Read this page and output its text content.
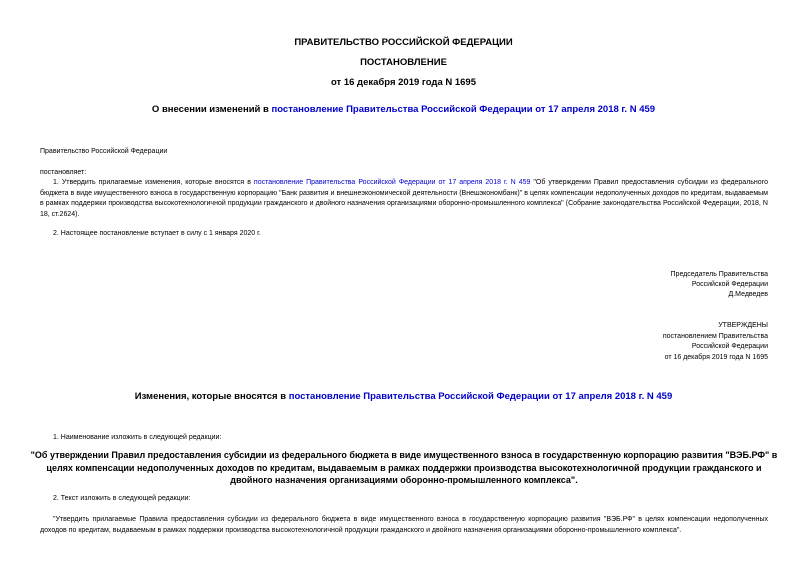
ПРАВИТЕЛЬСТВО РОССИЙСКОЙ ФЕДЕРАЦИИ
ПОСТАНОВЛЕНИЕ
от 16 декабря 2019 года N 1695
О внесении изменений в постановление Правительства Российской Федерации от 17 апреля 2018 г. N 459
Правительство Российской Федерации
постановляет:
1. Утвердить прилагаемые изменения, которые вносятся в постановление Правительства Российской Федерации от 17 апреля 2018 г. N 459 "Об утверждении Правил предоставления субсидии из федерального бюджета в виде имущественного взноса в государственную корпорацию "Банк развития и внешнеэкономической деятельности (Внешэкономбанк)" в целях компенсации недополученных доходов по кредитам, выдаваемым в рамках поддержки производства высокотехнологичной продукции гражданского и двойного назначения организациями оборонно-промышленного комплекса" (Собрание законодательства Российской Федерации, 2018, N 18, ст.2624).
2. Настоящее постановление вступает в силу с 1 января 2020 г.
Председатель Правительства
Российской Федерации
Д.Медведев
УТВЕРЖДЕНЫ
постановлением Правительства
Российской Федерации
от 16 декабря 2019 года N 1695
Изменения, которые вносятся в постановление Правительства Российской Федерации от 17 апреля 2018 г. N 459
1. Наименование изложить в следующей редакции:
"Об утверждении Правил предоставления субсидии из федерального бюджета в виде имущественного взноса в государственную корпорацию развития "ВЭБ.РФ" в целях компенсации недополученных доходов по кредитам, выдаваемым в рамках поддержки производства высокотехнологичной продукции гражданского и двойного назначения организациями оборонно-промышленного комплекса".
2. Текст изложить в следующей редакции:
"Утвердить прилагаемые Правила предоставления субсидии из федерального бюджета в виде имущественного взноса в государственную корпорацию развития "ВЭБ.РФ" в целях компенсации недополученных доходов по кредитам, выдаваемым в рамках поддержки производства высокотехнологичной продукции гражданского и двойного назначения организациями оборонно-промышленного комплекса".
